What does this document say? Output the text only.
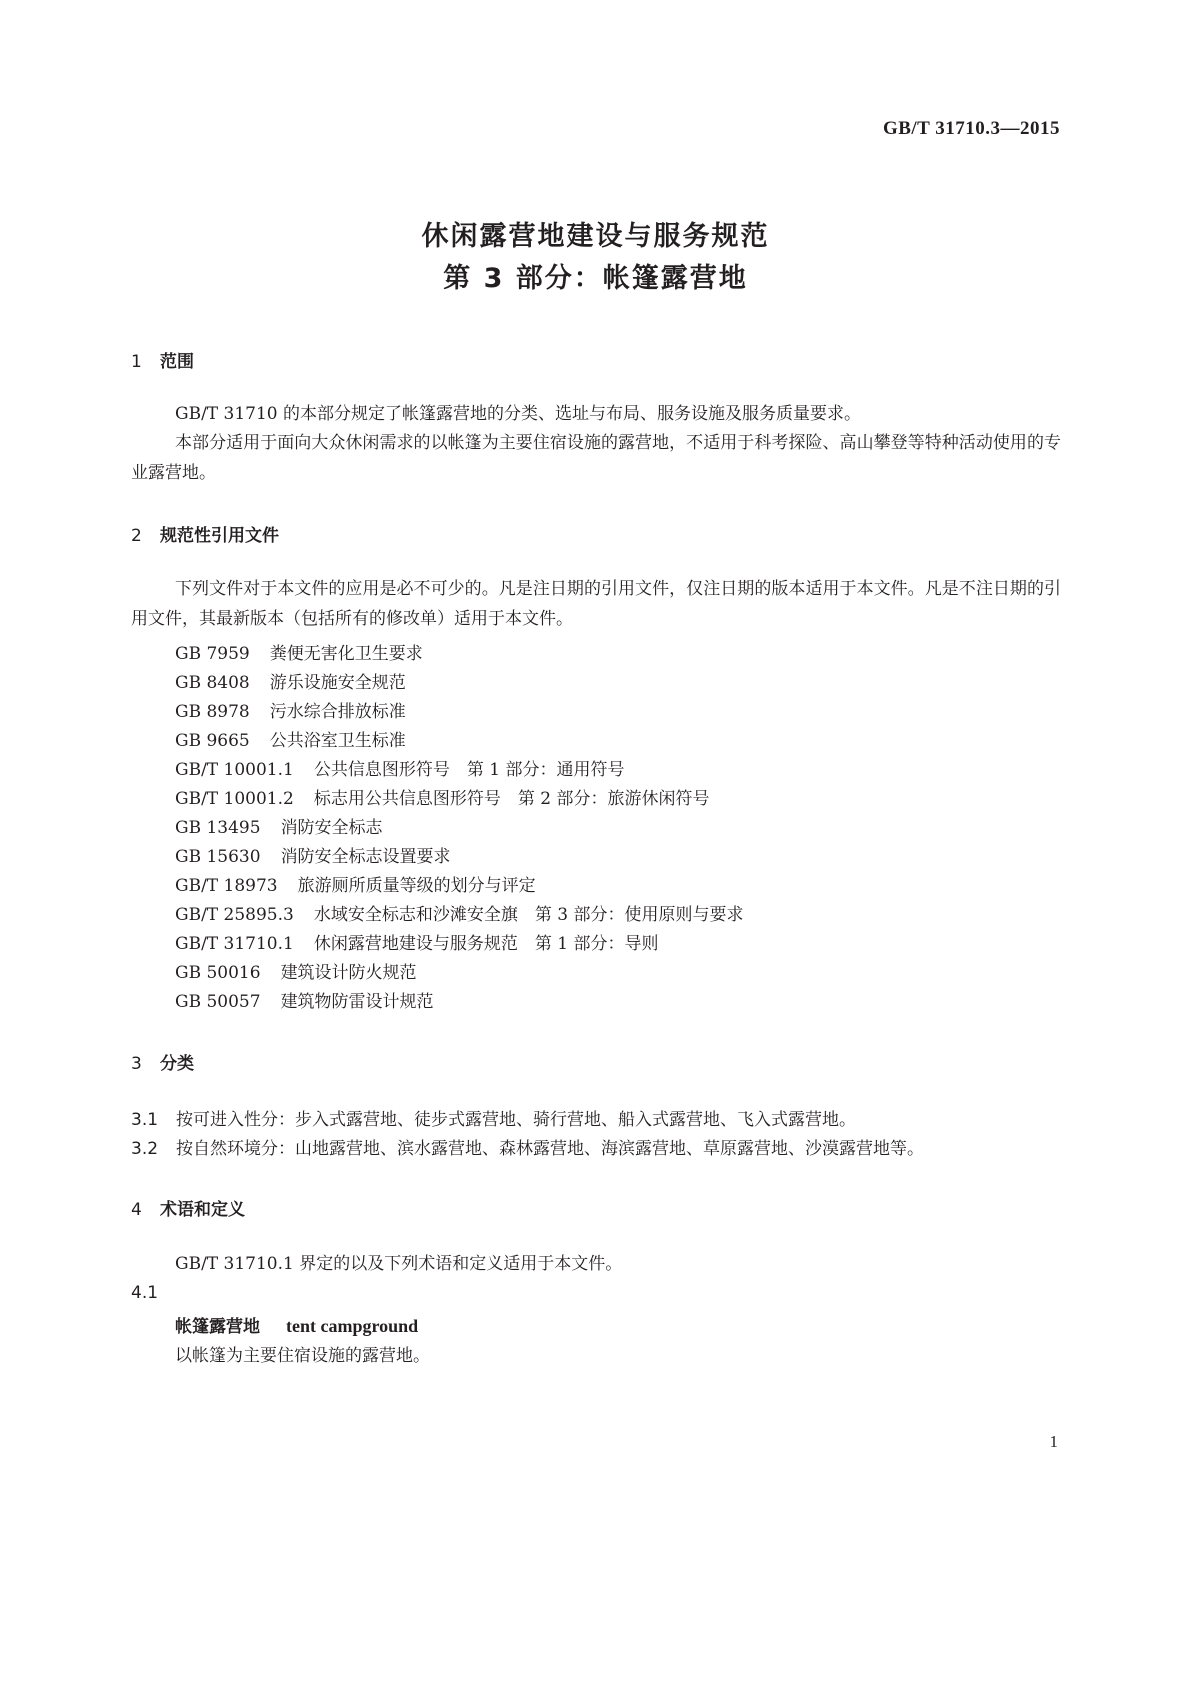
GB/T 31710.3—2015
休闲露营地建设与服务规范
第 3 部分：帐篷露营地
1 范围
GB/T 31710 的本部分规定了帐篷露营地的分类、选址与布局、服务设施及服务质量要求。
本部分适用于面向大众休闲需求的以帐篷为主要住宿设施的露营地，不适用于科考探险、高山攀登等特种活动使用的专业露营地。
2 规范性引用文件
下列文件对于本文件的应用是必不可少的。凡是注日期的引用文件，仅注日期的版本适用于本文件。凡是不注日期的引用文件，其最新版本（包括所有的修改单）适用于本文件。
GB 7959 粪便无害化卫生要求
GB 8408 游乐设施安全规范
GB 8978 污水综合排放标准
GB 9665 公共浴室卫生标准
GB/T 10001.1 公共信息图形符号　第 1 部分：通用符号
GB/T 10001.2 标志用公共信息图形符号　第 2 部分：旅游休闲符号
GB 13495 消防安全标志
GB 15630 消防安全标志设置要求
GB/T 18973 旅游厕所质量等级的划分与评定
GB/T 25895.3 水域安全标志和沙滩安全旗　第 3 部分：使用原则与要求
GB/T 31710.1 休闲露营地建设与服务规范　第 1 部分：导则
GB 50016 建筑设计防火规范
GB 50057 建筑物防雷设计规范
3 分类
3.1 按可进入性分：步入式露营地、徒步式露营地、骑行营地、船入式露营地、飞入式露营地。
3.2 按自然环境分：山地露营地、滨水露营地、森林露营地、海滨露营地、草原露营地、沙漠露营地等。
4 术语和定义
GB/T 31710.1 界定的以及下列术语和定义适用于本文件。
4.1
帐篷露营地 tent campground
以帐篷为主要住宿设施的露营地。
1
